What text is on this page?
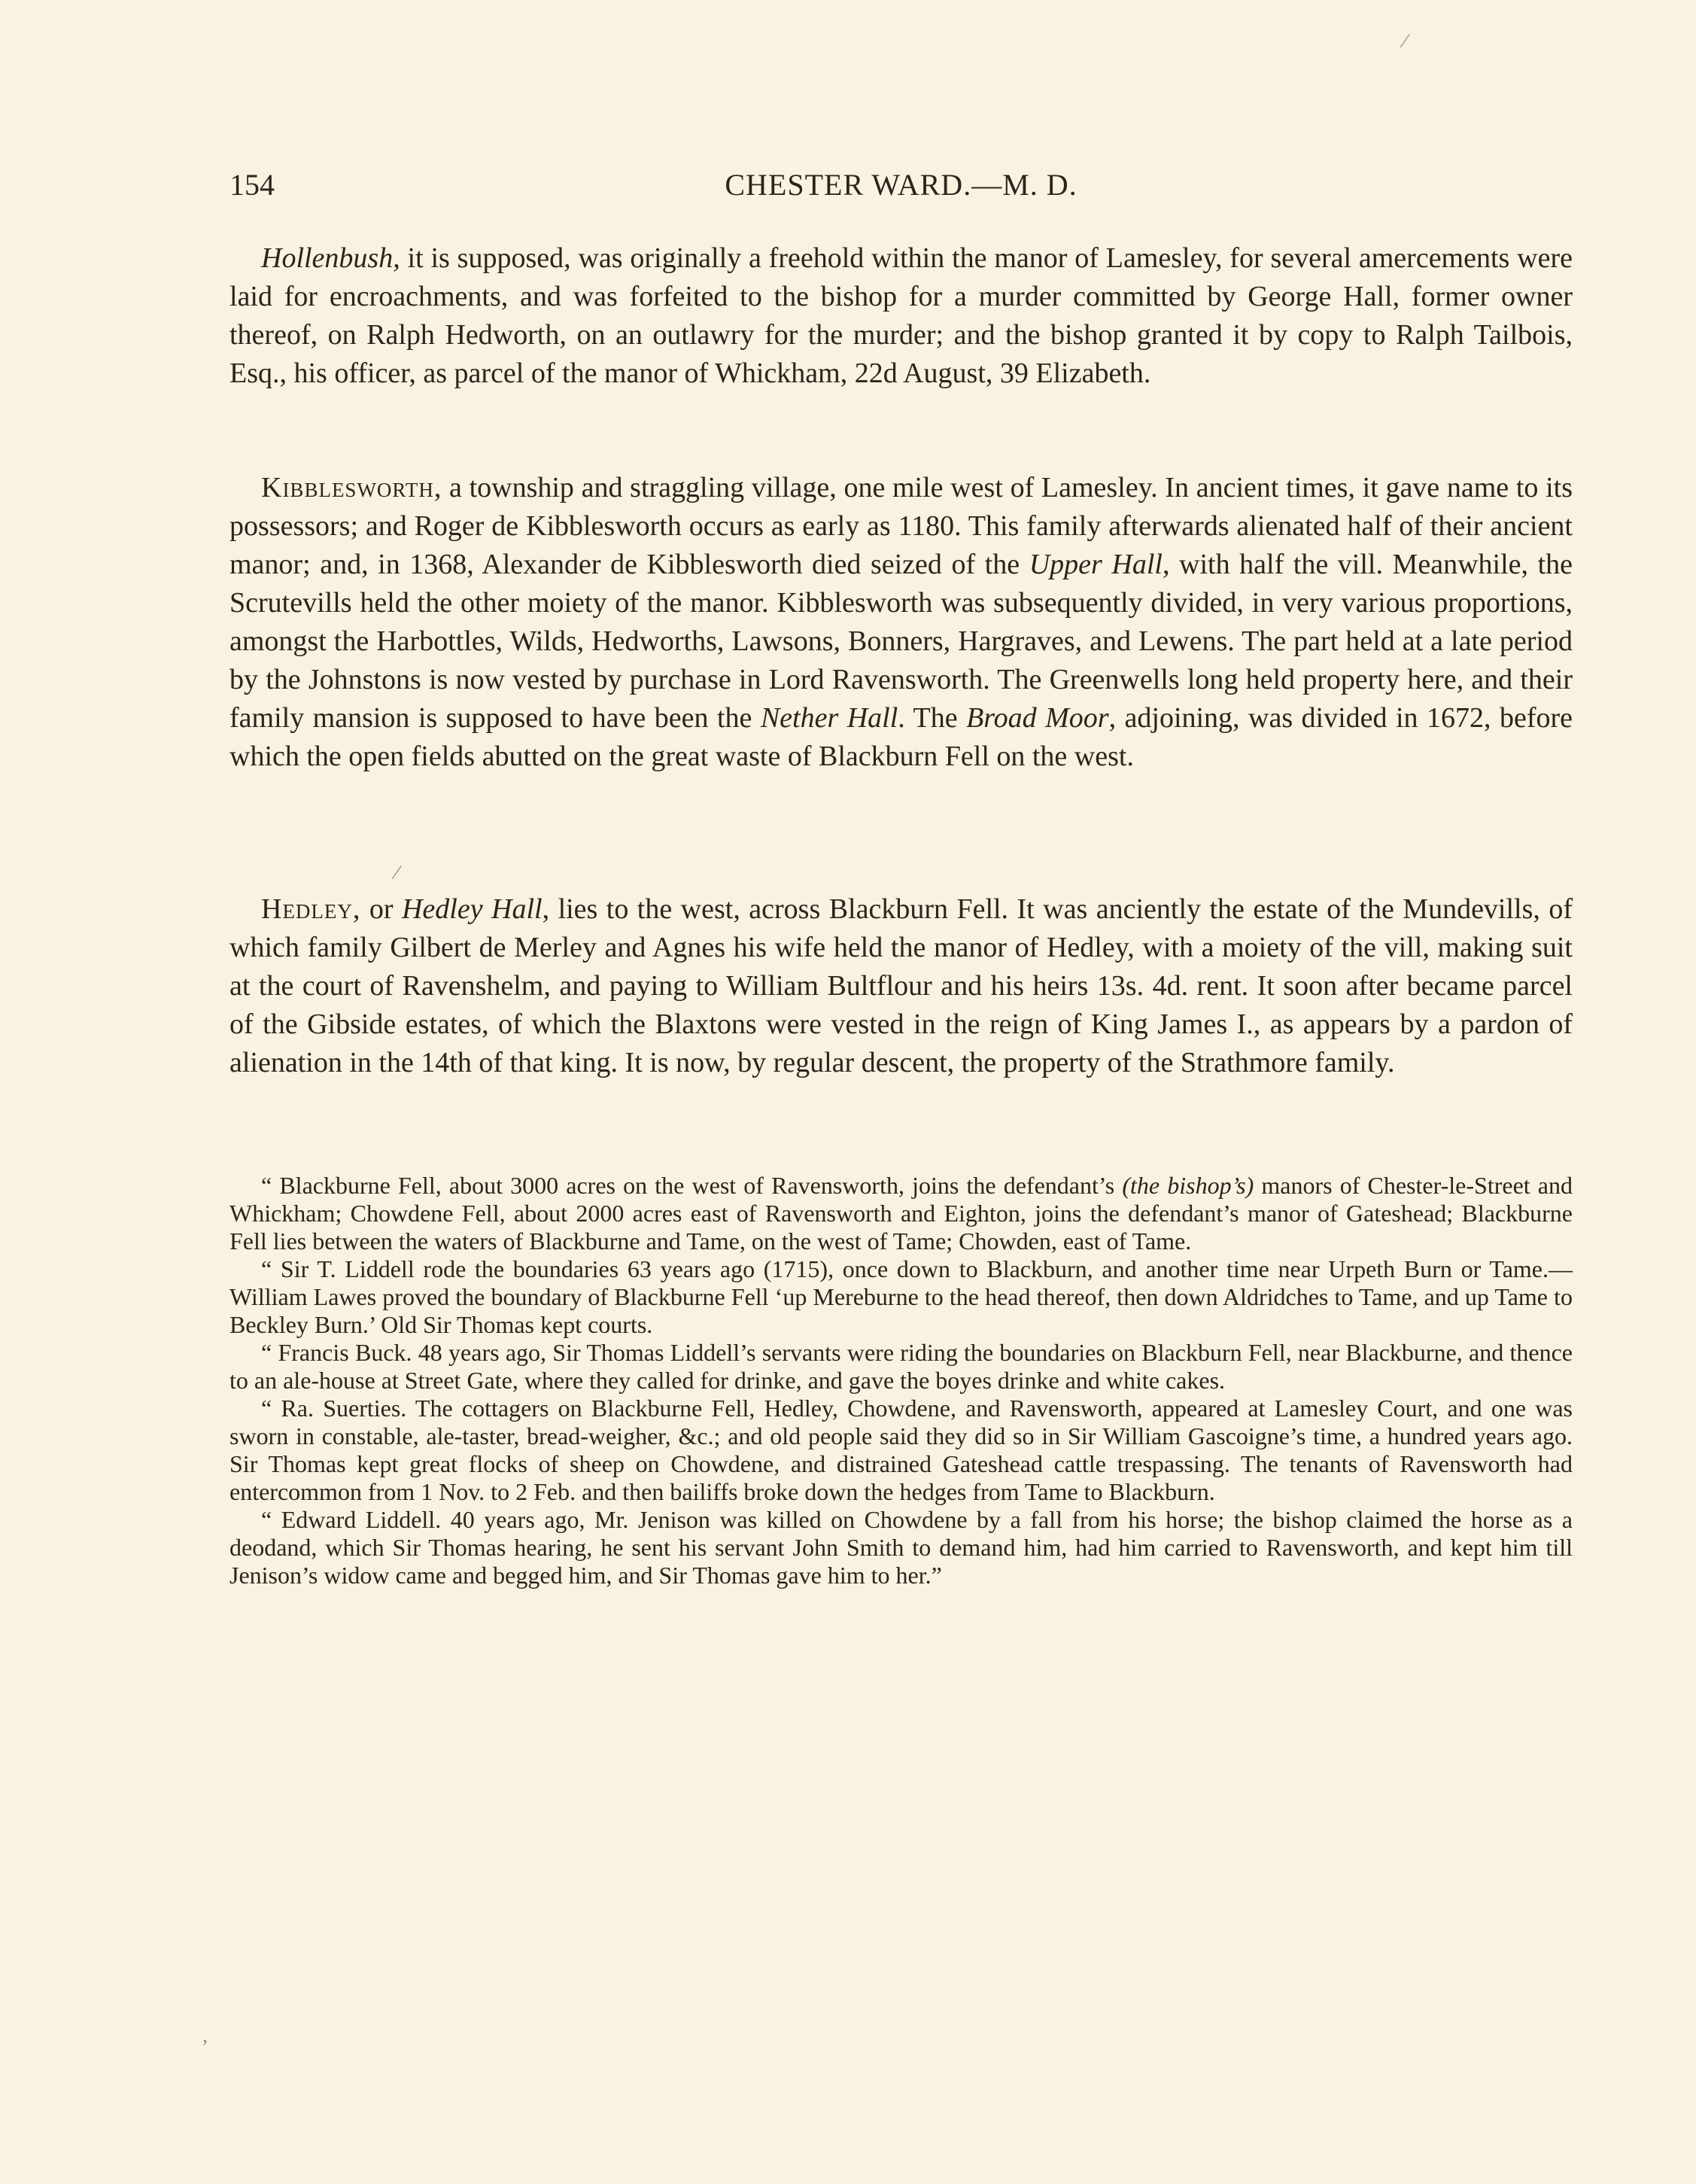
154	CHESTER WARD.—M. D.

Hollenbush, it is supposed, was originally a freehold within the manor of Lamesley, for several amercements were laid for encroachments, and was forfeited to the bishop for a murder committed by George Hall, former owner thereof, on Ralph Hedworth, on an outlawry for the murder; and the bishop granted it by copy to Ralph Tailbois, Esq., his officer, as parcel of the manor of Whickham, 22d August, 39 Elizabeth.

Kibblesworth, a township and straggling village, one mile west of Lamesley. In ancient times, it gave name to its possessors; and Roger de Kibblesworth occurs as early as 1180. This family afterwards alienated half of their ancient manor; and, in 1368, Alexander de Kibblesworth died seized of the Upper Hall, with half the vill. Meanwhile, the Scrutevills held the other moiety of the manor. Kibblesworth was subsequently divided, in very various proportions, amongst the Harbottles, Wilds, Hedworths, Lawsons, Bonners, Hargraves, and Lewens. The part held at a late period by the Johnstons is now vested by purchase in Lord Ravensworth. The Greenwells long held property here, and their family mansion is supposed to have been the Nether Hall. The Broad Moor, adjoining, was divided in 1672, before which the open fields abutted on the great waste of Blackburn Fell on the west.

Hedley, or Hedley Hall, lies to the west, across Blackburn Fell. It was anciently the estate of the Mundevills, of which family Gilbert de Merley and Agnes his wife held the manor of Hedley, with a moiety of the vill, making suit at the court of Ravenshelm, and paying to William Bultflour and his heirs 13s. 4d. rent. It soon after became parcel of the Gibside estates, of which the Blaxtons were vested in the reign of King James I., as appears by a pardon of alienation in the 14th of that king. It is now, by regular descent, the property of the Strathmore family.

“ Blackburne Fell, about 3000 acres on the west of Ravensworth, joins the defendant’s (the bishop’s) manors of Chester-le-Street and Whickham; Chowdene Fell, about 2000 acres east of Ravensworth and Eighton, joins the defendant’s manor of Gateshead; Blackburne Fell lies between the waters of Blackburne and Tame, on the west of Tame; Chowden, east of Tame.

“ Sir T. Liddell rode the boundaries 63 years ago (1715), once down to Blackburn, and another time near Urpeth Burn or Tame.—William Lawes proved the boundary of Blackburne Fell ‘up Mereburne to the head thereof, then down Aldridches to Tame, and up Tame to Beckley Burn.’ Old Sir Thomas kept courts.

“ Francis Buck. 48 years ago, Sir Thomas Liddell’s servants were riding the boundaries on Blackburn Fell, near Blackburne, and thence to an ale-house at Street Gate, where they called for drinke, and gave the boyes drinke and white cakes.

“ Ra. Suerties. The cottagers on Blackburne Fell, Hedley, Chowdene, and Ravensworth, appeared at Lamesley Court, and one was sworn in constable, ale-taster, bread-weigher, &c.; and old people said they did so in Sir William Gascoigne’s time, a hundred years ago. Sir Thomas kept great flocks of sheep on Chowdene, and distrained Gateshead cattle trespassing. The tenants of Ravensworth had entercommon from 1 Nov. to 2 Feb. and then bailiffs broke down the hedges from Tame to Blackburn.

“ Edward Liddell. 40 years ago, Mr. Jenison was killed on Chowdene by a fall from his horse; the bishop claimed the horse as a deodand, which Sir Thomas hearing, he sent his servant John Smith to demand him, had him carried to Ravensworth, and kept him till Jenison’s widow came and begged him, and Sir Thomas gave him to her.”

⁄
⁄
ʼ
